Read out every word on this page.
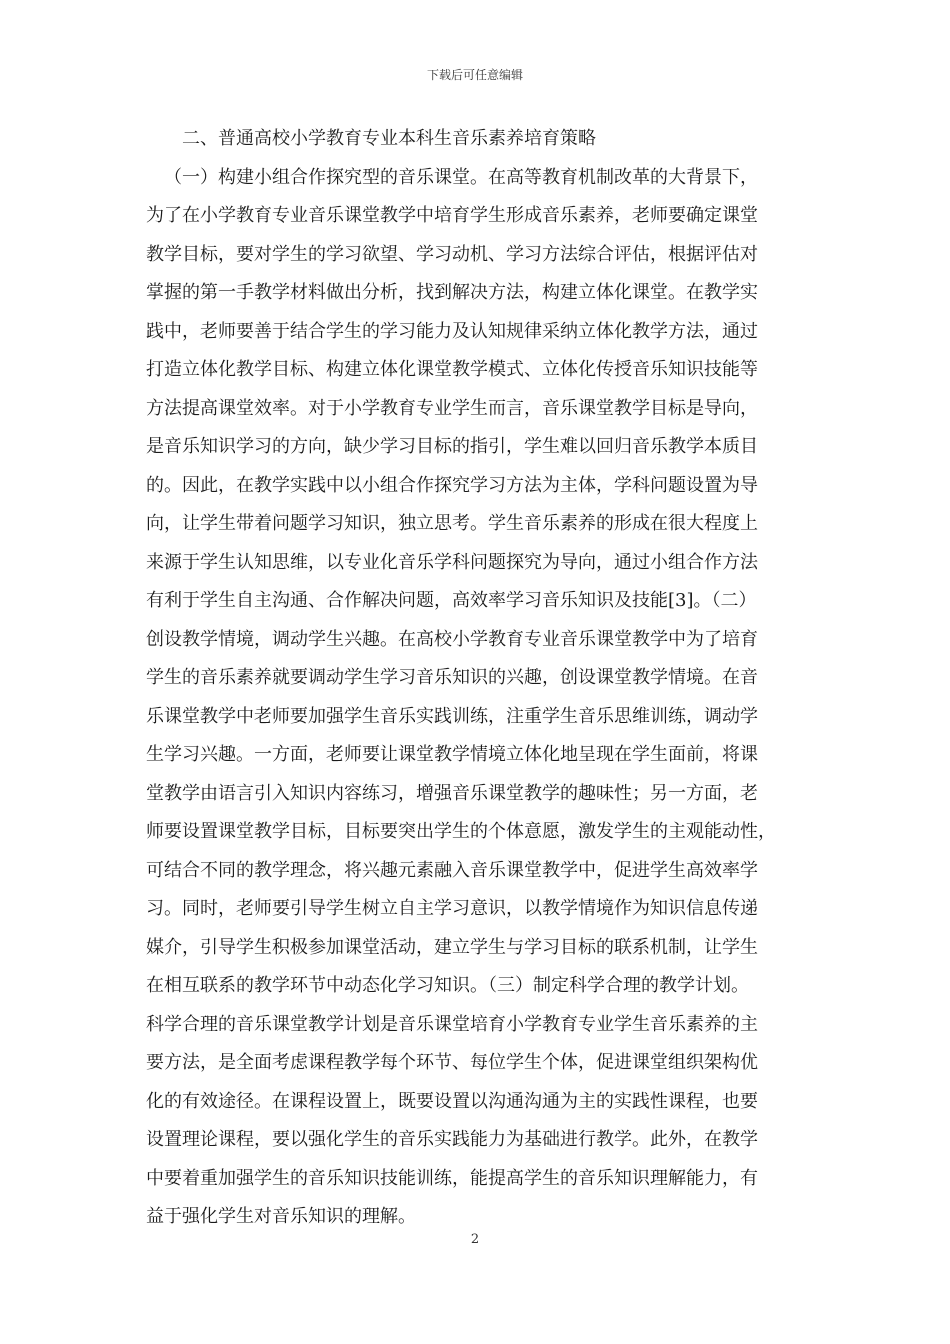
下载后可任意编辑
二、普通高校小学教育专业本科生音乐素养培育策略
（一）构建小组合作探究型的音乐课堂。在高等教育机制改革的大背景下，
为了在小学教育专业音乐课堂教学中培育学生形成音乐素养，老师要确定课堂
教学目标，要对学生的学习欲望、学习动机、学习方法综合评估，根据评估对
掌握的第一手教学材料做出分析，找到解决方法，构建立体化课堂。在教学实
践中，老师要善于结合学生的学习能力及认知规律采纳立体化教学方法，通过
打造立体化教学目标、构建立体化课堂教学模式、立体化传授音乐知识技能等
方法提高课堂效率。对于小学教育专业学生而言，音乐课堂教学目标是导向，
是音乐知识学习的方向，缺少学习目标的指引，学生难以回归音乐教学本质目
的。因此，在教学实践中以小组合作探究学习方法为主体，学科问题设置为导
向，让学生带着问题学习知识，独立思考。学生音乐素养的形成在很大程度上
来源于学生认知思维，以专业化音乐学科问题探究为导向，通过小组合作方法
有利于学生自主沟通、合作解决问题，高效率学习音乐知识及技能[3]。（二）
创设教学情境，调动学生兴趣。在高校小学教育专业音乐课堂教学中为了培育
学生的音乐素养就要调动学生学习音乐知识的兴趣，创设课堂教学情境。在音
乐课堂教学中老师要加强学生音乐实践训练，注重学生音乐思维训练，调动学
生学习兴趣。一方面，老师要让课堂教学情境立体化地呈现在学生面前，将课
堂教学由语言引入知识内容练习，增强音乐课堂教学的趣味性；另一方面，老
师要设置课堂教学目标，目标要突出学生的个体意愿，激发学生的主观能动性，
可结合不同的教学理念，将兴趣元素融入音乐课堂教学中，促进学生高效率学
习。同时，老师要引导学生树立自主学习意识，以教学情境作为知识信息传递
媒介，引导学生积极参加课堂活动，建立学生与学习目标的联系机制，让学生
在相互联系的教学环节中动态化学习知识。（三）制定科学合理的教学计划。
科学合理的音乐课堂教学计划是音乐课堂培育小学教育专业学生音乐素养的主
要方法，是全面考虑课程教学每个环节、每位学生个体，促进课堂组织架构优
化的有效途径。在课程设置上，既要设置以沟通沟通为主的实践性课程，也要
设置理论课程，要以强化学生的音乐实践能力为基础进行教学。此外，在教学
中要着重加强学生的音乐知识技能训练，能提高学生的音乐知识理解能力，有
益于强化学生对音乐知识的理解。
2
